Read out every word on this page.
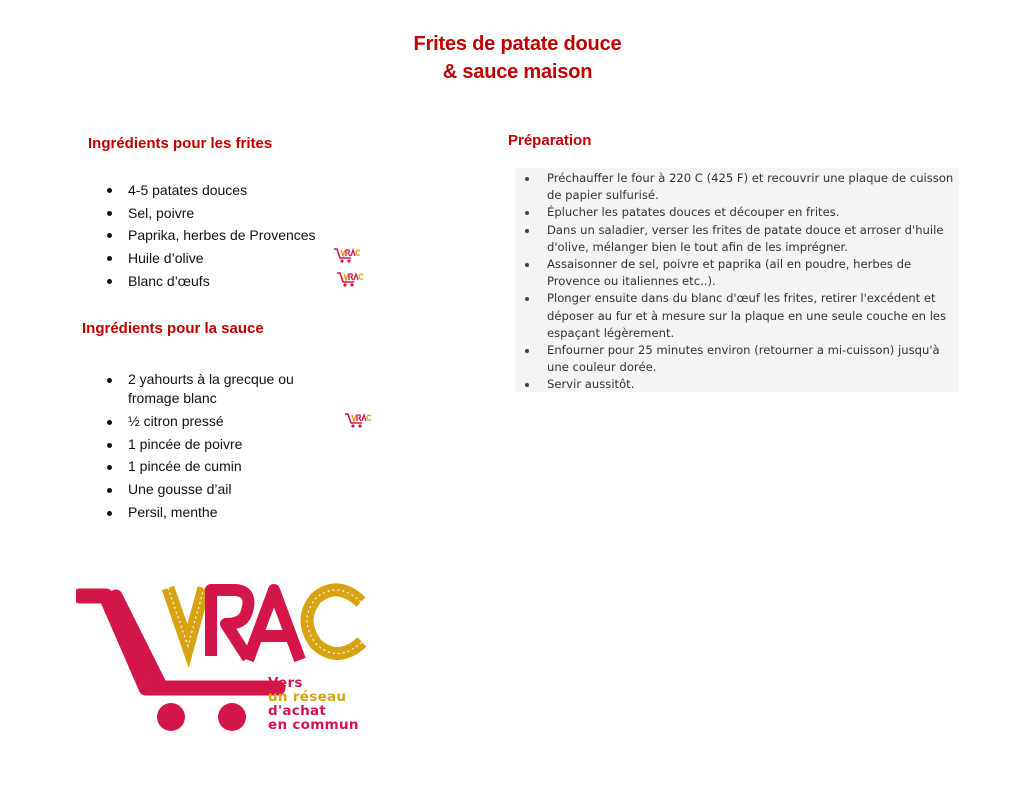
Frites de patate douce
& sauce maison
Ingrédients pour les frites
4-5 patates douces
Sel, poivre
Paprika, herbes de Provences
Huile d’olive
Blanc d’œufs
Ingrédients pour la sauce
2 yahourts à la grecque ou fromage blanc
½ citron pressé
1 pincée de poivre
1 pincée de cumin
Une gousse d’ail
Persil, menthe
Préparation
Préchauffer le four à 220 C (425 F) et recouvrir une plaque de cuisson de papier sulfurisé.
Éplucher les patates douces et découper en frites.
Dans un saladier, verser les frites de patate douce et arroser d'huile d'olive, mélanger bien le tout afin de les imprégner.
Assaisonner de sel, poivre et paprika (ail en poudre, herbes de Provence ou italiennes etc..).
Plonger ensuite dans du blanc d'œuf les frites, retirer l'excédent et déposer au fur et à mesure sur la plaque en une seule couche en les espaçant légèrement.
Enfourner pour 25 minutes environ (retourner a mi-cuisson) jusqu'à une couleur dorée.
Servir aussitôt.
Vers
un réseau
d'achat
en commun
